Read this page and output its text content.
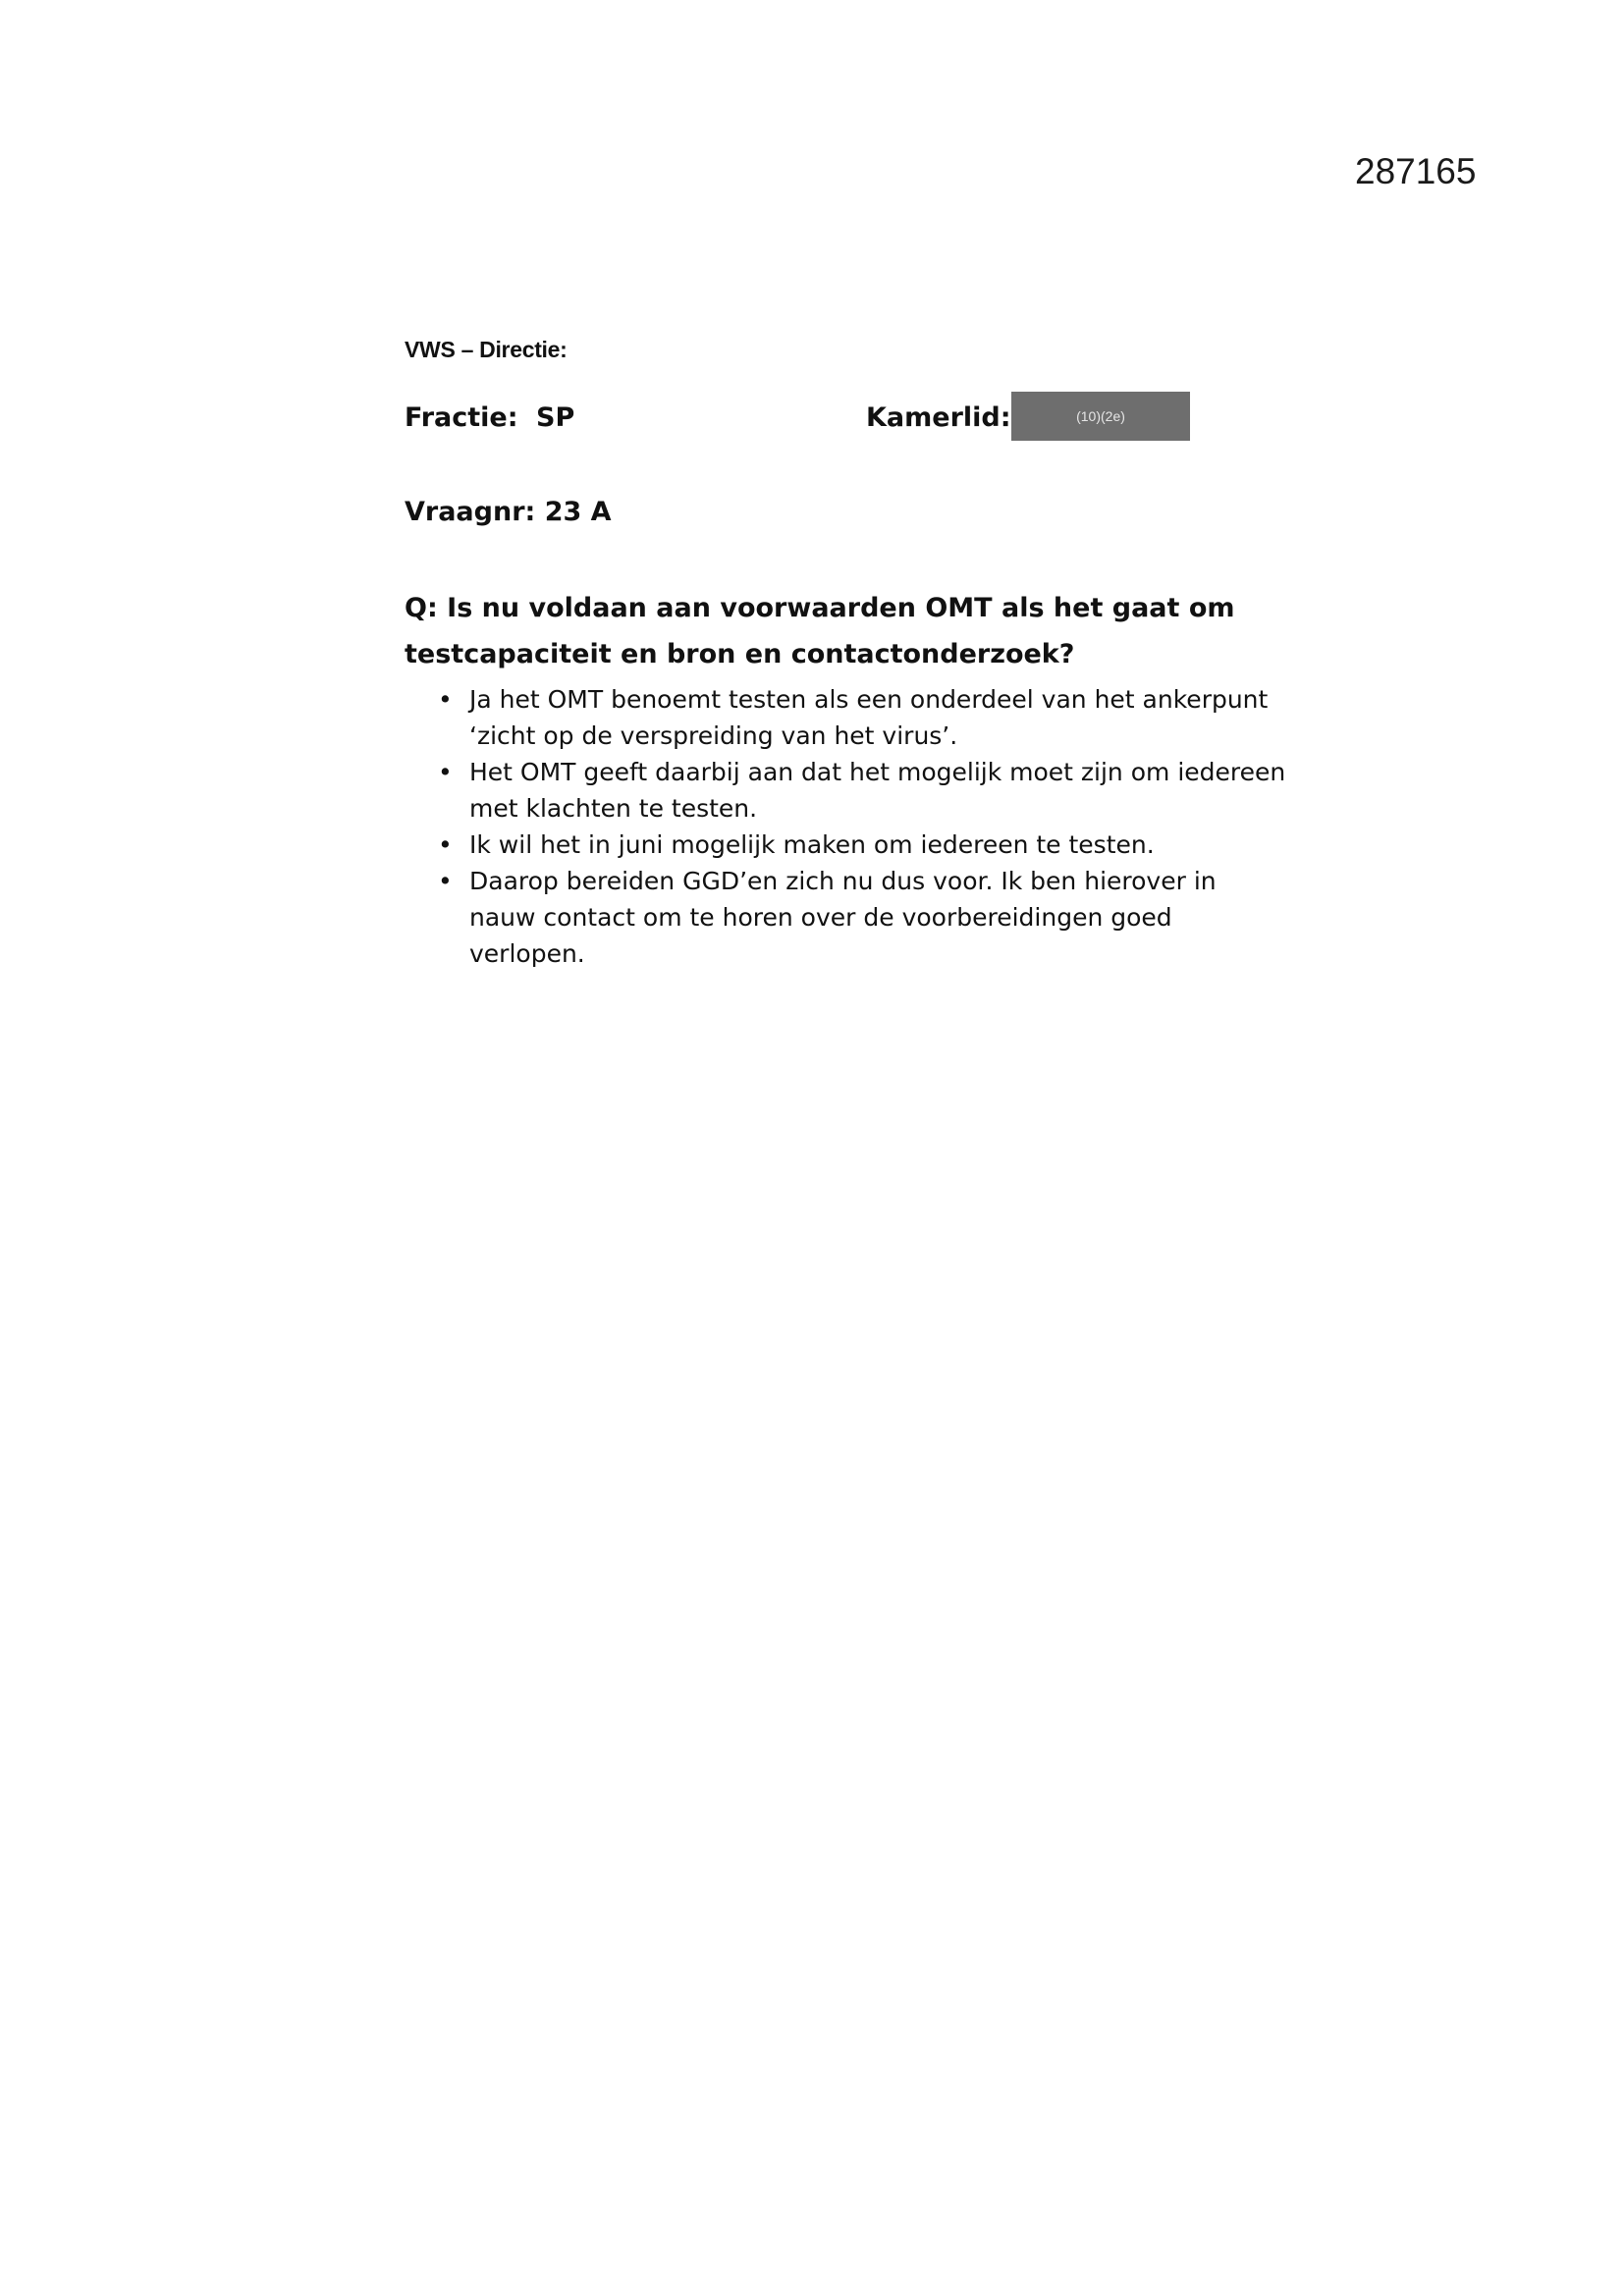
287165
VWS – Directie:
Fractie: SP	Kamerlid:	(10)(2e)
Vraagnr: 23 A
Q: Is nu voldaan aan voorwaarden OMT als het gaat om testcapaciteit en bron en contactonderzoek?
• Ja het OMT benoemt testen als een onderdeel van het ankerpunt ‘zicht op de verspreiding van het virus’.
• Het OMT geeft daarbij aan dat het mogelijk moet zijn om iedereen met klachten te testen.
• Ik wil het in juni mogelijk maken om iedereen te testen.
• Daarop bereiden GGD’en zich nu dus voor. Ik ben hierover in nauw contact om te horen over de voorbereidingen goed verlopen.
